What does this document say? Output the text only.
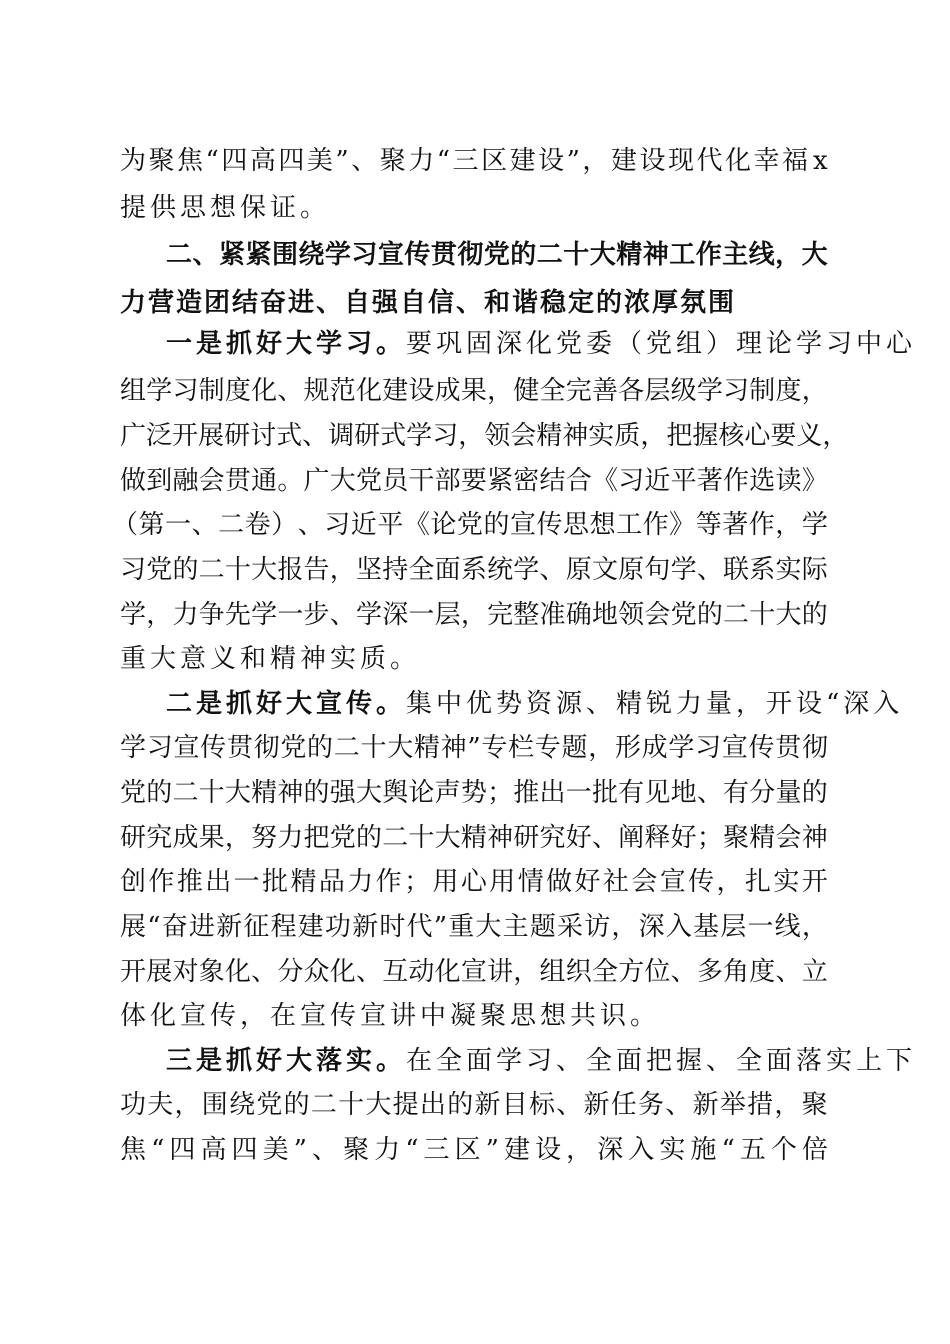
为 聚 焦 “ 四 高 四 美 ” 、 聚 力 “ 三 区 建 设 ” ， 建 设 现 代 化 幸 福 x
提供思想保证。
二 、 紧 紧 围 绕 学 习 宣 传 贯 彻 党 的 二 十 大 精 神 工 作 主 线 ， 大
力营造团结奋进、自强自信、和谐稳定的浓厚氛围
一是抓好大学习。要巩固深化党委（党组）理论学习中心
组 学 习 制 度 化 、 规 范 化 建 设 成 果 ， 健 全 完 善 各 层 级 学 习 制 度 ，
广 泛 开 展 研 讨 式 、 调 研 式 学 习 ， 领 会 精 神 实 质 ， 把 握 核 心 要 义 ，
做 到 融 会 贯 通 。 广 大 党 员 干 部 要 紧 密 结 合 《 习 近 平 著 作 选 读 》
（ 第 一 、 二 卷 ） 、 习 近 平 《 论 党 的 宣 传 思 想 工 作 》 等 著 作 ， 学
习 党 的 二 十 大 报 告 ， 坚 持 全 面 系 统 学 、 原 文 原 句 学 、 联 系 实 际
学 ， 力 争 先 学 一 步 、 学 深 一 层 ， 完 整 准 确 地 领 会 党 的 二 十 大 的
重大意义和精神实质。
二是抓好大宣传。集中优势资源、精锐力量，开设“深入
学 习 宣 传 贯 彻 党 的 二 十 大 精 神 ” 专 栏 专 题 ， 形 成 学 习 宣 传 贯 彻
党 的 二 十 大 精 神 的 强 大 舆 论 声 势 ； 推 出 一 批 有 见 地 、 有 分 量 的
研 究 成 果 ， 努 力 把 党 的 二 十 大 精 神 研 究 好 、 阐 释 好 ； 聚 精 会 神
创 作 推 出 一 批 精 品 力 作 ； 用 心 用 情 做 好 社 会 宣 传 ， 扎 实 开
展 “ 奋 进 新 征 程 建 功 新 时 代 ” 重 大 主 题 采 访 ， 深 入 基 层 一 线 ，
开 展 对 象 化 、 分 众 化 、 互 动 化 宣 讲 ， 组 织 全 方 位 、 多 角 度 、 立
体化宣传，在宣传宣讲中凝聚思想共识。
三是抓好大落实。在全面学习、全面把握、全面落实上下
功 夫 ， 围 绕 党 的 二 十 大 提 出 的 新 目 标 、 新 任 务 、 新 举 措 ， 聚
焦 “ 四 高 四 美 ” 、 聚 力 “ 三 区 ” 建 设 ， 深 入 实 施 “ 五 个 倍
